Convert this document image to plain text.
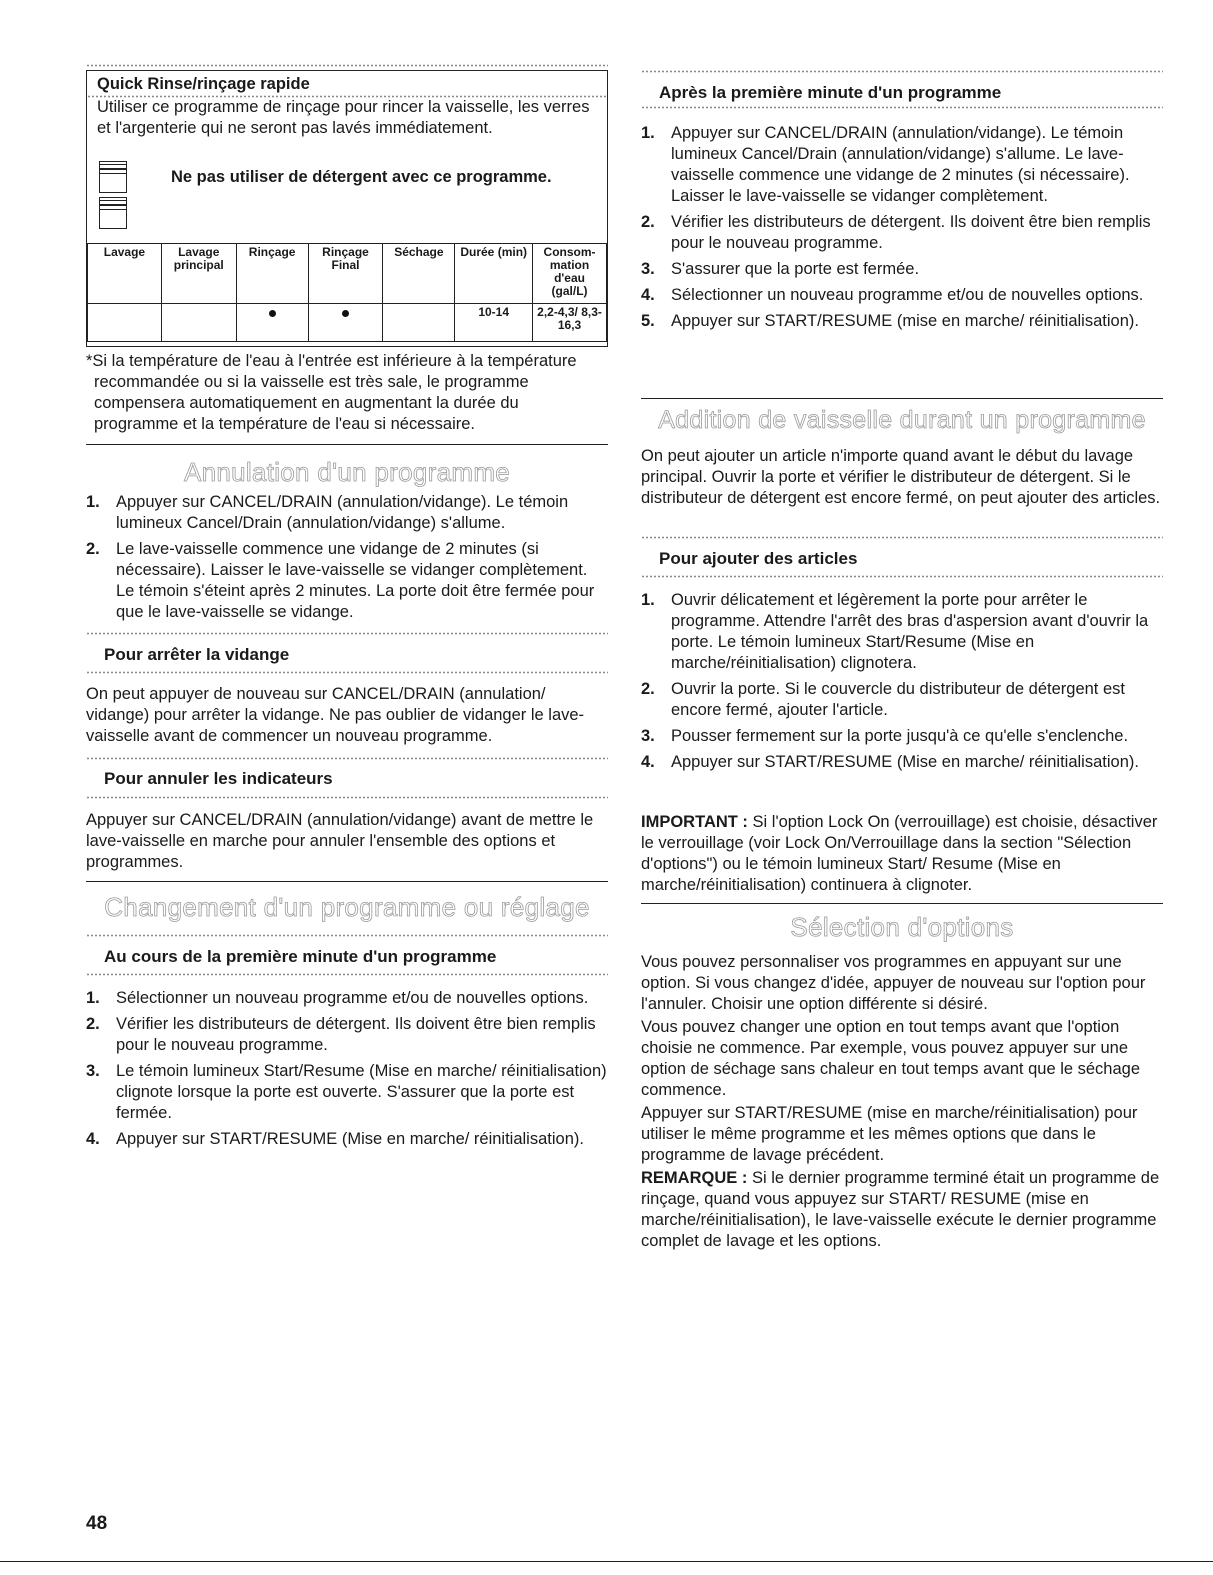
Quick Rinse/rinçage rapide
Utiliser ce programme de rinçage pour rincer la vaisselle, les verres et l'argenterie qui ne seront pas lavés immédiatement.
Ne pas utiliser de détergent avec ce programme.
Lavage	Lavage principal	Rinçage	Rinçage Final	Séchage	Durée (min)	Consom-mation d'eau (gal/L)
					10-14	2,2-4,3/ 8,3-16,3
*Si la température de l'eau à l'entrée est inférieure à la température recommandée ou si la vaisselle est très sale, le programme compensera automatiquement en augmentant la durée du programme et la température de l'eau si nécessaire.
Annulation d'un programme
1. Appuyer sur CANCEL/DRAIN (annulation/vidange). Le témoin lumineux Cancel/Drain (annulation/vidange) s'allume.
2. Le lave-vaisselle commence une vidange de 2 minutes (si nécessaire). Laisser le lave-vaisselle se vidanger complètement. Le témoin s'éteint après 2 minutes. La porte doit être fermée pour que le lave-vaisselle se vidange.
Pour arrêter la vidange
On peut appuyer de nouveau sur CANCEL/DRAIN (annulation/ vidange) pour arrêter la vidange. Ne pas oublier de vidanger le lave-vaisselle avant de commencer un nouveau programme.
Pour annuler les indicateurs
Appuyer sur CANCEL/DRAIN (annulation/vidange) avant de mettre le lave-vaisselle en marche pour annuler l'ensemble des options et programmes.
Changement d'un programme ou réglage
Au cours de la première minute d'un programme
1. Sélectionner un nouveau programme et/ou de nouvelles options.
2. Vérifier les distributeurs de détergent. Ils doivent être bien remplis pour le nouveau programme.
3. Le témoin lumineux Start/Resume (Mise en marche/ réinitialisation) clignote lorsque la porte est ouverte. S'assurer que la porte est fermée.
4. Appuyer sur START/RESUME (Mise en marche/ réinitialisation).
Après la première minute d'un programme
1. Appuyer sur CANCEL/DRAIN (annulation/vidange). Le témoin lumineux Cancel/Drain (annulation/vidange) s'allume. Le lave-vaisselle commence une vidange de 2 minutes (si nécessaire). Laisser le lave-vaisselle se vidanger complètement.
2. Vérifier les distributeurs de détergent. Ils doivent être bien remplis pour le nouveau programme.
3. S'assurer que la porte est fermée.
4. Sélectionner un nouveau programme et/ou de nouvelles options.
5. Appuyer sur START/RESUME (mise en marche/ réinitialisation).
Addition de vaisselle durant un programme
On peut ajouter un article n'importe quand avant le début du lavage principal. Ouvrir la porte et vérifier le distributeur de détergent. Si le distributeur de détergent est encore fermé, on peut ajouter des articles.
Pour ajouter des articles
1. Ouvrir délicatement et légèrement la porte pour arrêter le programme. Attendre l'arrêt des bras d'aspersion avant d'ouvrir la porte. Le témoin lumineux Start/Resume (Mise en marche/réinitialisation) clignotera.
2. Ouvrir la porte. Si le couvercle du distributeur de détergent est encore fermé, ajouter l'article.
3. Pousser fermement sur la porte jusqu'à ce qu'elle s'enclenche.
4. Appuyer sur START/RESUME (Mise en marche/ réinitialisation).
IMPORTANT : Si l'option Lock On (verrouillage) est choisie, désactiver le verrouillage (voir Lock On/Verrouillage dans la section "Sélection d'options") ou le témoin lumineux Start/ Resume (Mise en marche/réinitialisation) continuera à clignoter.
Sélection d'options
Vous pouvez personnaliser vos programmes en appuyant sur une option. Si vous changez d'idée, appuyer de nouveau sur l'option pour l'annuler. Choisir une option différente si désiré.
Vous pouvez changer une option en tout temps avant que l'option choisie ne commence. Par exemple, vous pouvez appuyer sur une option de séchage sans chaleur en tout temps avant que le séchage commence.
Appuyer sur START/RESUME (mise en marche/réinitialisation) pour utiliser le même programme et les mêmes options que dans le programme de lavage précédent.
REMARQUE : Si le dernier programme terminé était un programme de rinçage, quand vous appuyez sur START/ RESUME (mise en marche/réinitialisation), le lave-vaisselle exécute le dernier programme complet de lavage et les options.
48
